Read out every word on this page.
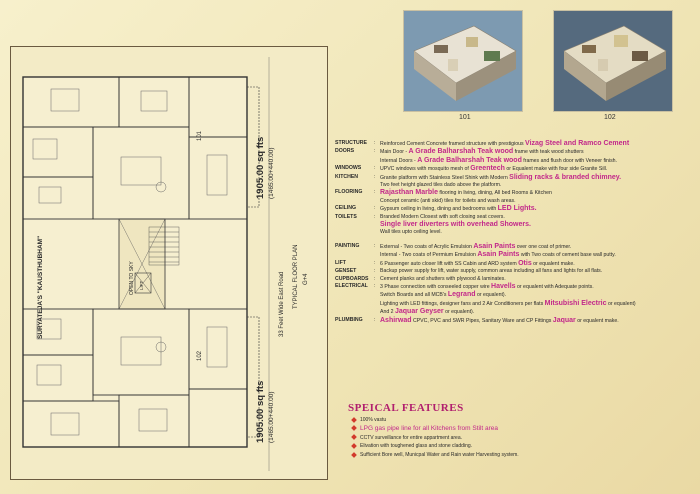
SURYATEJA'S "KAUSTHUBHAM"	OPEN TO SKY LIFT
101
102
1905.00 sq fts (1465.00+440.00)
1905.00 sq fts (1465.00+440.00)
33 Feet Wide East Road TYPICAL FLOOR PLAN G+4
101	102
STRUCTURE	: Reinforced Cement Concrete framed structure with prestigious Vizag Steel and Ramco Cement
DOORS	: Main Door - A Grade Balharshah Teak wood frame with teak wood shutters
Internal Doors - A Grade Balharshah Teak wood frames and flush door with Veneer finish.
WINDOWS	: UPVC windows with mosquito mesh of Greentech or Equalent make with four side Granite Sill.
KITCHEN	: Granite platform with Stainless Steel Shink with Modern Sliding racks & branded chimney.
Two feet height glazed tiles dado above the platform.
FLOORING	: Rajasthan Marble flooring in living, dining, All bed Rooms & Kitchen
Concept ceramic (anti skid) tiles for toilets and wash areas.
CEILING	: Gypsum ceiling in living, dining and bedrooms with LED Lights.
TOILETS	: Branded Modern Closest with soft closing seat covers.
Single liver diverters with overhead Showers.
Wall tiles upto ceiling level.
PAINTING	: External - Two coats of Acrylic Emulsion Asain Paints over one coat of primer.
Internal - Two coats of Permium Emulsion Asain Paints with Two coats of cement base wall putty.
LIFT	: 6 Passenger auto closer lift with SS Cabin and ARD system Otis or equalent make.
GENSET	: Backup power supply for lift, water supply, common areas including all fans and lights for all flats.
CUPBOARDS	: Cement planks and shutters with plywood & laminates.
ELECTRICAL	: 3 Phase connection with conseeled copper wire Havells or equalent with Adequate points.
Switch Boards and all MCB's Legrand or equalent).
Lighting with LED fittings, designer fans and 2 Air Conditioners per flats Mitsubishi Electric or equalent)
And 2 Jaquar Geyser or equalent).
PLUMBING	: Ashirwad CPVC, PVC and SWR Pipes, Sanitary Ware and CP Fittings Jaquar or equalent make.
SPEICAL FEATURES
100% vastu
LPG gas pipe line for all Kitchens from Stilt area
CCTV surveillance for entire appartment area.
Elivation with toughened glass and stone cladding.
Sufficient Bore well, Municpal Water and Rain water Harvesting system.
